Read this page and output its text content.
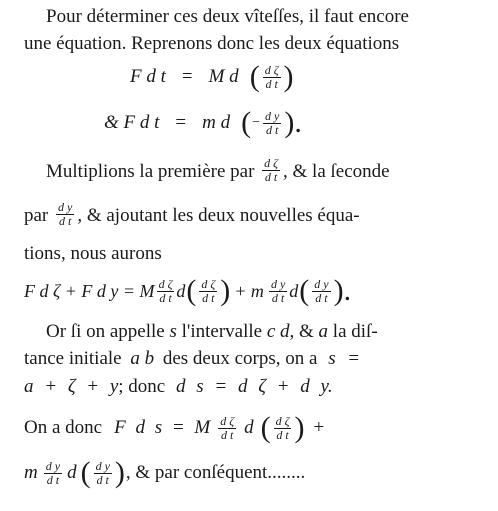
Pour déterminer ces deux vîteſſes, il faut encore
une équation. Reprenons donc les deux équations
F d t = M d ( $\frac{\text{d ζ}}{\text{d t}}$ )
& F d t = m d ( − $\frac{\text{d y}}{\text{d t}}$ ).
Multiplions la première par $\frac{\text{d ζ}}{\text{d t}}$ , & la ſeconde
par $\frac{\text{d y}}{\text{d t}}$ , & ajoutant les deux nouvelles équa-
tions, nous aurons
F d ζ + F d y = M $\frac{\text{d ζ}}{\text{d t}}$ d ( $\frac{\text{d ζ}}{\text{d t}}$ ) + m $\frac{\text{d y}}{\text{d t}}$ d ( $\frac{\text{d y}}{\text{d t}}$ ).
Or ſi on appelle s l'intervalle c d, & a la diſ-
tance initiale a b des deux corps, on a s =
a + ζ + y; donc d s = d ζ + d y.
On a donc F d s = M $\frac{\text{d ζ}}{\text{d t}}$ d ( $\frac{\text{d ζ}}{\text{d t}}$ ) +
m $\frac{\text{d y}}{\text{d t}}$ d ( $\frac{\text{d y}}{\text{d t}}$ ) , & par conſéquent........
